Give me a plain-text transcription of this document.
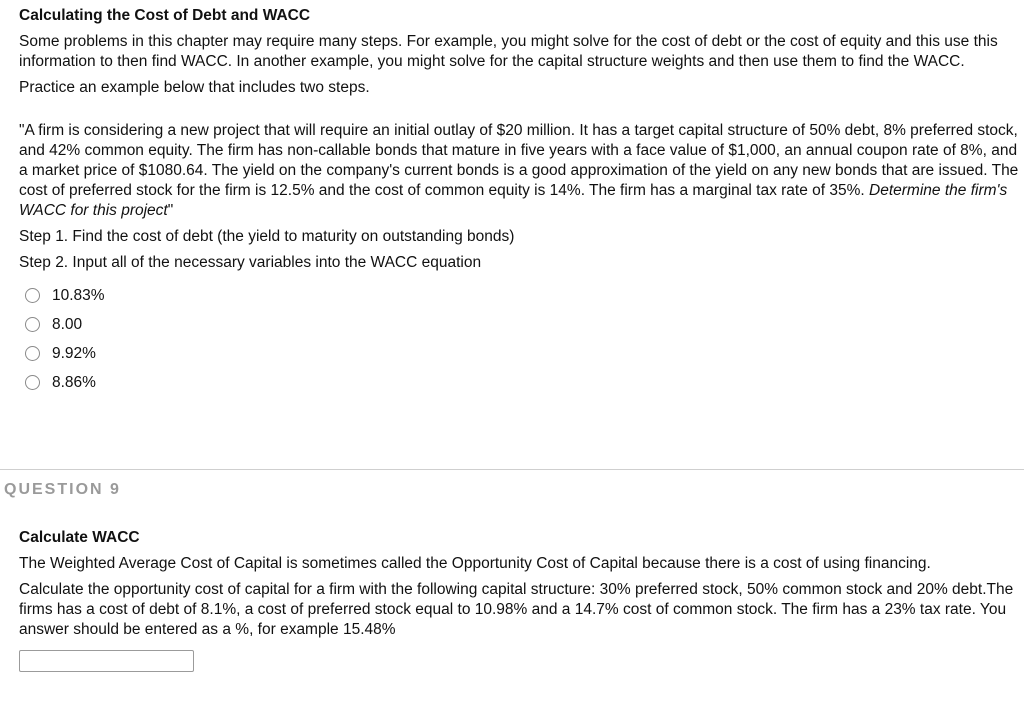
Calculating the Cost of Debt and WACC

Some problems in this chapter may require many steps. For example, you might solve for the cost of debt or the cost of equity and this use this information to then find WACC. In another example, you might solve for the capital structure weights and then use them to find the WACC.

Practice an example below that includes two steps.

"A firm is considering a new project that will require an initial outlay of $20 million. It has a target capital structure of 50% debt, 8% preferred stock, and 42% common equity. The firm has non-callable bonds that mature in five years with a face value of $1,000, an annual coupon rate of 8%, and a market price of $1080.64. The yield on the company's current bonds is a good approximation of the yield on any new bonds that are issued. The cost of preferred stock for the firm is 12.5% and the cost of common equity is 14%. The firm has a marginal tax rate of 35%. Determine the firm's WACC for this project"

Step 1. Find the cost of debt (the yield to maturity on outstanding bonds)
Step 2. Input all of the necessary variables into the WACC equation
10.83%
8.00
9.92%
8.86%
QUESTION 9
Calculate WACC

The Weighted Average Cost of Capital is sometimes called the Opportunity Cost of Capital because there is a cost of using financing.

Calculate the opportunity cost of capital for a firm with the following capital structure: 30% preferred stock, 50% common stock and 20% debt.The firms has a cost of debt of 8.1%, a cost of preferred stock equal to 10.98% and a 14.7% cost of common stock. The firm has a 23% tax rate. You answer should be entered as a %, for example 15.48%
